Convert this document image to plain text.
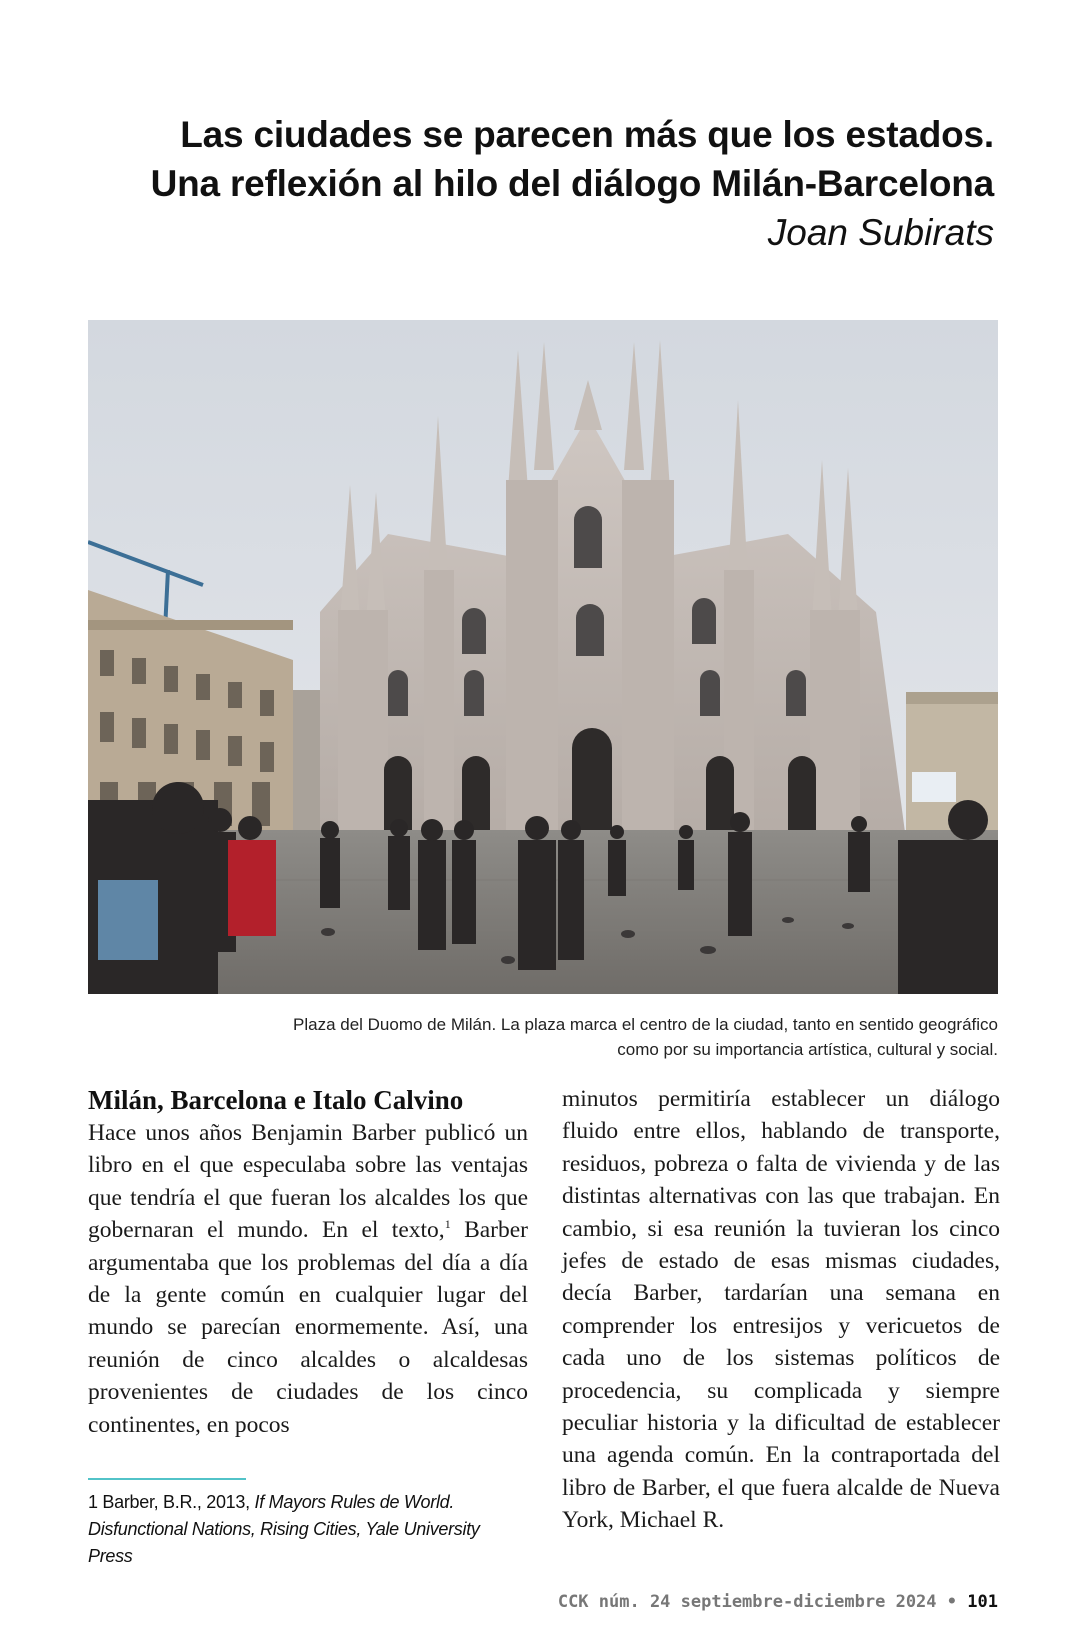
Las ciudades se parecen más que los estados.
Una reflexión al hilo del diálogo Milán-Barcelona
Joan Subirats
Plaza del Duomo de Milán. La plaza marca el centro de la ciudad, tanto en sentido geográfico
como por su importancia artística, cultural y social.
Milán, Barcelona e Italo Calvino

Hace unos años Benjamin Barber publicó un libro en el que especulaba sobre las ventajas que tendría el que fueran los alcaldes los que gobernaran el mundo. En el texto,$^1$ Barber argumentaba que los problemas del día a día de la gente común en cualquier lugar del mundo se parecían enormemente. Así, una reunión de cinco alcaldes o alcaldesas provenientes de ciudades de los cinco continentes, en pocos

minutos permitiría establecer un diálogo fluido entre ellos, hablando de transporte, residuos, pobreza o falta de vivienda y de las distintas alternativas con las que trabajan. En cambio, si esa reunión la tuvieran los cinco jefes de estado de esas mismas ciudades, decía Barber, tardarían una semana en comprender los entresijos y vericuetos de cada uno de los sistemas políticos de procedencia, su complicada y siempre peculiar historia y la dificultad de establecer una agenda común. En la contraportada del libro de Barber, el que fuera alcalde de Nueva York, Michael R.

1 Barber, B.R., 2013, If Mayors Rules de World. Disfunctional Nations, Rising Cities, Yale University Press
CCK núm. 24 septiembre-diciembre 2024 • 101
